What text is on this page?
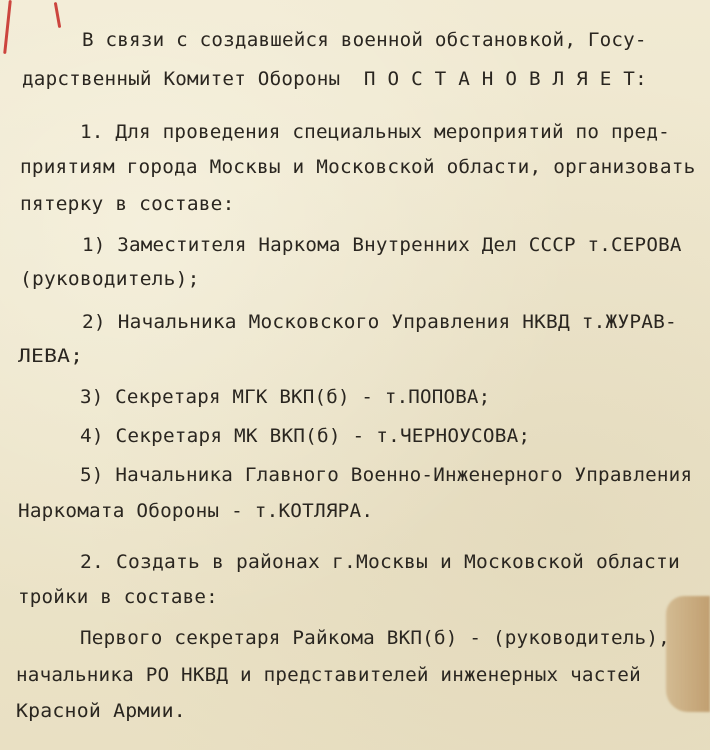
В связи с создавшейся военной обстановкой, Госу-
дарственный Комитет Обороны  П О С Т А Н О В Л Я Е Т:
1. Для проведения специальных мероприятий по пред-
приятиям города Москвы и Московской области, организовать
пятерку в составе:
1) Заместителя Наркома Внутренних Дел СССР т.СЕРОВА
(руководитель);
2) Начальника Московского Управления НКВД т.ЖУРАВ-
ЛЕВА;
3) Секретаря МГК ВКП(б) - т.ПОПОВА;
4) Секретаря МК ВКП(б) - т.ЧЕРНОУСОВА;
5) Начальника Главного Военно-Инженерного Управления
Наркомата Обороны - т.КОТЛЯРА.
2. Создать в районах г.Москвы и Московской области
тройки в составе:
Первого секретаря Райкома ВКП(б) - (руководитель),
начальника РО НКВД и представителей инженерных частей
Красной Армии.
